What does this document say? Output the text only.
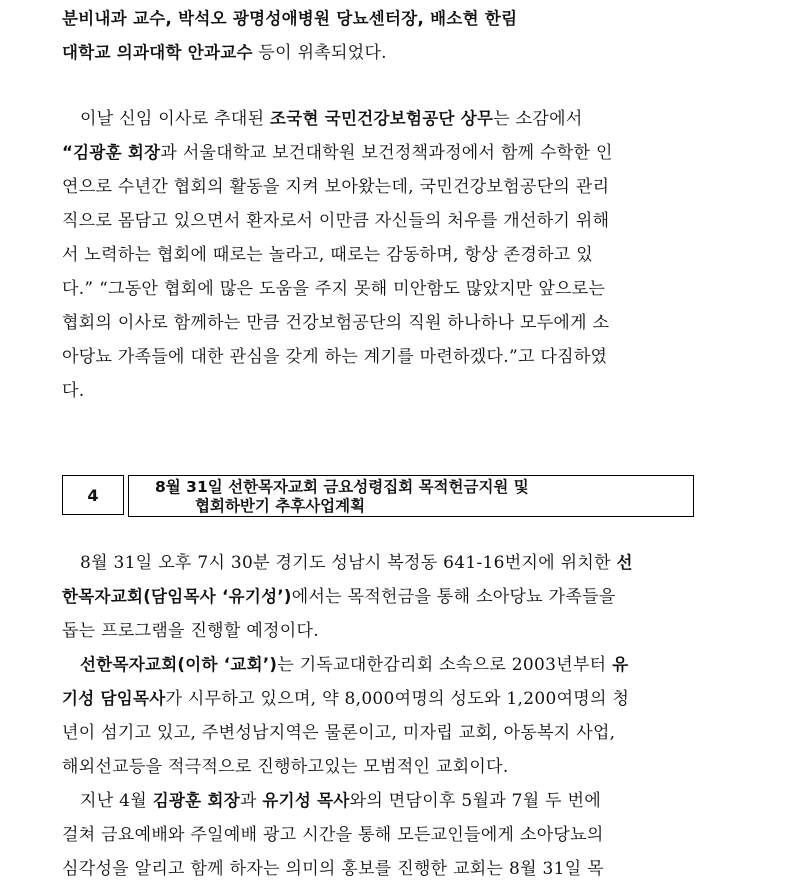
분비내과 교수, 박석오 광명성애병원 당뇨센터장, 배소현 한림
대학교 의과대학 안과교수 등이 위촉되었다.
이날 신임 이사로 추대된 조국현 국민건강보험공단 상무는 소감에서
“김광훈 회장과 서울대학교 보건대학원 보건정책과정에서 함께 수학한 인
연으로 수년간 협회의 활동을 지켜 보아왔는데, 국민건강보험공단의 관리
직으로 몸담고 있으면서 환자로서 이만큼 자신들의 처우를 개선하기 위해
서 노력하는 협회에 때로는 놀라고, 때로는 감동하며, 항상 존경하고 있
다.” “그동안 협회에 많은 도움을 주지 못해 미안함도 많았지만 앞으로는
협회의 이사로 함께하는 만큼 건강보험공단의 직원 하나하나 모두에게 소
아당뇨 가족들에 대한 관심을 갖게 하는 계기를 마련하겠다.”고 다짐하였
다.
4	8월 31일 선한목자교회 금요성령집회 목적헌금지원 및
협회하반기 추후사업계획
8월 31일 오후 7시 30분 경기도 성남시 복정동 641-16번지에 위치한 선
한목자교회(담임목사 ‘유기성’)에서는 목적헌금을 통해 소아당뇨 가족들을
돕는 프로그램을 진행할 예정이다.
선한목자교회(이하 ‘교회’)는 기독교대한감리회 소속으로 2003년부터 유
기성 담임목사가 시무하고 있으며, 약 8,000여명의 성도와 1,200여명의 청
년이 섬기고 있고, 주변성남지역은 물론이고, 미자립 교회, 아동복지 사업,
해외선교등을 적극적으로 진행하고있는 모범적인 교회이다.
지난 4월 김광훈 회장과 유기성 목사와의 면담이후 5월과 7월 두 번에
걸쳐 금요예배와 주일예배 광고 시간을 통해 모든교인들에게 소아당뇨의
심각성을 알리고 함께 하자는 의미의 홍보를 진행한 교회는 8월 31일 목
